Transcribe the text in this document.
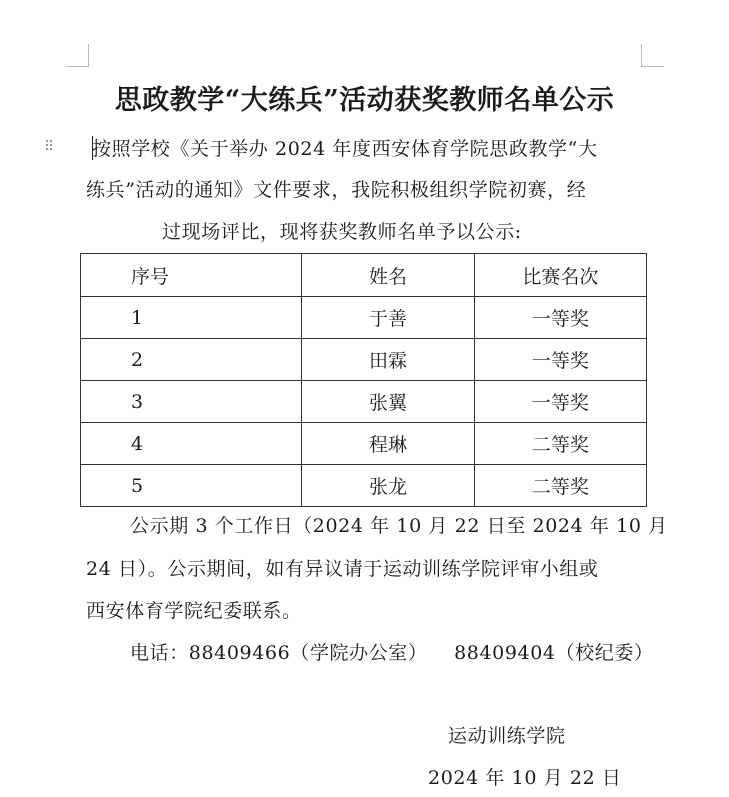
思政教学“大练兵”活动获奖教师名单公示
⠿ 按照学校《关于举办 2024 年度西安体育学院思政教学“大
练兵”活动的通知》文件要求，我院积极组织学院初赛，经
过现场评比，现将获奖教师名单予以公示:
序号	姓名	比赛名次
1	于善	一等奖
2	田霖	一等奖
3	张翼	一等奖
4	程琳	二等奖
5	张龙	二等奖
公示期 3 个工作日（2024 年 10 月 22 日至 2024 年 10 月
24 日）。公示期间，如有异议请于运动训练学院评审小组或
西安体育学院纪委联系。
电话：88409466（学院办公室）    88409404（校纪委）
运动训练学院
2024 年 10 月 22 日
